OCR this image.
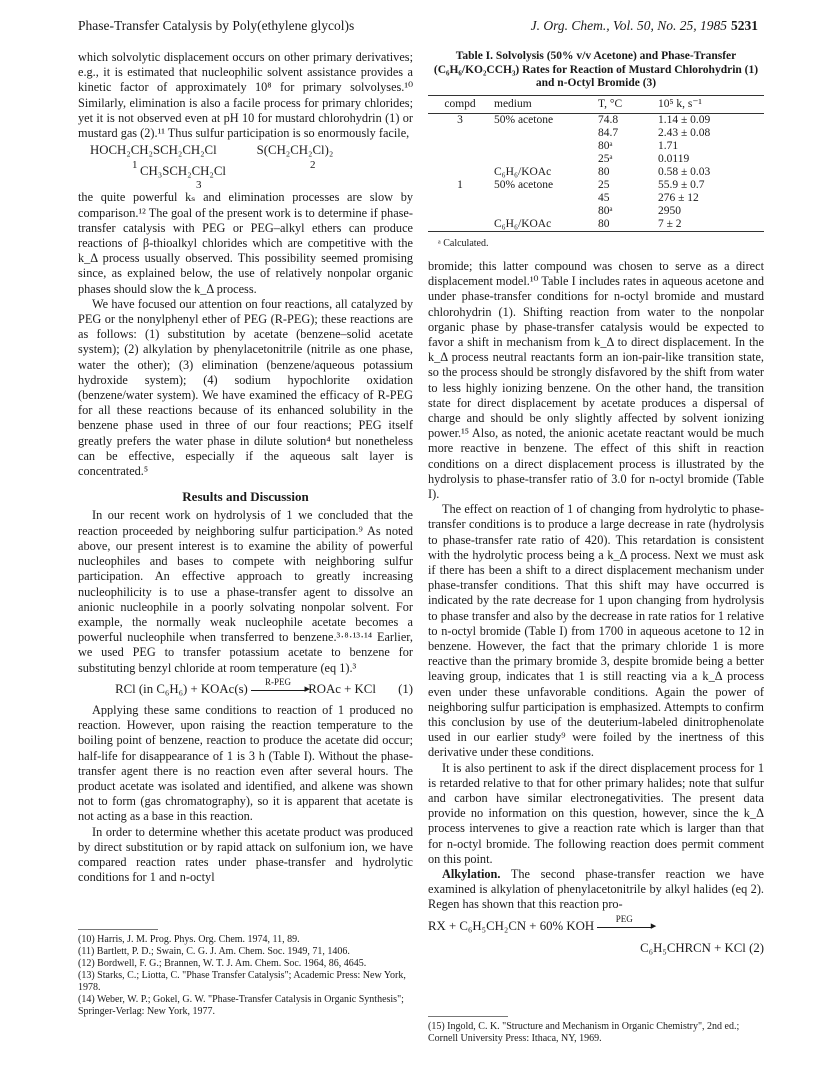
Phase-Transfer Catalysis by Poly(ethylene glycol)s	J. Org. Chem., Vol. 50, No. 25, 1985 5231

which solvolytic displacement occurs on other primary derivatives; e.g., it is estimated that nucleophilic solvent assistance provides a kinetic factor of approximately 10⁸ for primary solvolyses.¹⁰ Similarly, elimination is also a facile process for primary chlorides; yet it is not observed even at pH 10 for mustard chlorohydrin (1) or mustard gas (2).¹¹ Thus sulfur participation is so enormously facile,

HOCH₂CH₂SCH₂CH₂Cl	S(CH₂CH₂Cl)₂
1	2
CH₃SCH₂CH₂Cl
3

the quite powerful kₛ and elimination processes are slow by comparison.¹² The goal of the present work is to determine if phase-transfer catalysis with PEG or PEG–alkyl ethers can produce reactions of β-thioalkyl chlorides which are competitive with the k_Δ process usually observed. This possibility seemed promising since, as explained below, the use of relatively nonpolar organic phases should slow the k_Δ process.

We have focused our attention on four reactions, all catalyzed by PEG or the nonylphenyl ether of PEG (R-PEG); these reactions are as follows: (1) substitution by acetate (benzene–solid acetate system); (2) alkylation by phenylacetonitrile (nitrile as one phase, water the other); (3) elimination (benzene/aqueous potassium hydroxide system); (4) sodium hypochlorite oxidation (benzene/water system). We have examined the efficacy of R-PEG for all these reactions because of its enhanced solubility in the benzene phase used in three of our four reactions; PEG itself greatly prefers the water phase in dilute solution⁴ but nonetheless can be effective, especially if the aqueous salt layer is concentrated.⁵

Results and Discussion

In our recent work on hydrolysis of 1 we concluded that the reaction proceeded by neighboring sulfur participation.⁹ As noted above, our present interest is to examine the ability of powerful nucleophiles and bases to compete with neighboring sulfur participation. An effective approach to greatly increasing nucleophilicity is to use a phase-transfer agent to dissolve an anionic nucleophile in a poorly solvating nonpolar solvent. For example, the normally weak nucleophile acetate becomes a powerful nucleophile when transferred to benzene.³·⁸·¹³·¹⁴ Earlier, we used PEG to transfer potassium acetate to benzene for substituting benzyl chloride at room temperature (eq 1).³

RCl (in C₆H₆) + KOAc(s)	R-PEG ▸	ROAc + KCl (1)

Applying these same conditions to reaction of 1 produced no reaction. However, upon raising the reaction temperature to the boiling point of benzene, reaction to produce the acetate did occur; half-life for disappearance of 1 is 3 h (Table I). Without the phase-transfer agent there is no reaction even after several hours. The product acetate was isolated and identified, and alkene was shown not to form (gas chromatography), so it is apparent that acetate is not acting as a base in this reaction.

In order to determine whether this acetate product was produced by direct substitution or by rapid attack on sulfonium ion, we have compared reaction rates under phase-transfer and hydrolytic conditions for 1 and n-octyl

(10) Harris, J. M. Prog. Phys. Org. Chem. 1974, 11, 89.
(11) Bartlett, P. D.; Swain, C. G. J. Am. Chem. Soc. 1949, 71, 1406.
(12) Bordwell, F. G.; Brannen, W. T. J. Am. Chem. Soc. 1964, 86, 4645.
(13) Starks, C.; Liotta, C. "Phase Transfer Catalysis"; Academic Press: New York, 1978.
(14) Weber, W. P.; Gokel, G. W. "Phase-Transfer Catalysis in Organic Synthesis"; Springer-Verlag: New York, 1977.
Table I. Solvolysis (50% v/v Acetone) and Phase-Transfer (C₆H₆/KO₂CCH₃) Rates for Reaction of Mustard Chlorohydrin (1) and n-Octyl Bromide (3)
compd	medium	T, °C	10⁵ k, s⁻¹
3	50% acetone	74.8	1.14 ± 0.09
		84.7	2.43 ± 0.08
		80ᵃ	1.71
		25ᵃ	0.0119
	C₆H₆/KOAc	80	0.58 ± 0.03
1	50% acetone	25	55.9 ± 0.7
		45	276 ± 12
		80ᵃ	2950
	C₆H₆/KOAc	80	7 ± 2
ᵃ Calculated.

bromide; this latter compound was chosen to serve as a direct displacement model.¹⁰ Table I includes rates in aqueous acetone and under phase-transfer conditions for n-octyl bromide and mustard chlorohydrin (1). Shifting reaction from water to the nonpolar organic phase by phase-transfer catalysis would be expected to favor a shift in mechanism from k_Δ to direct displacement. In the k_Δ process neutral reactants form an ion-pair-like transition state, so the process should be strongly disfavored by the shift from water to less highly ionizing benzene. On the other hand, the transition state for direct displacement by acetate produces a dispersal of charge and should be only slightly affected by solvent ionizing power.¹⁵ Also, as noted, the anionic acetate reactant would be much more reactive in benzene. The effect of this shift in reaction conditions on a direct displacement process is illustrated by the hydrolysis to phase-transfer ratio of 3.0 for n-octyl bromide (Table I).

The effect on reaction of 1 of changing from hydrolytic to phase-transfer conditions is to produce a large decrease in rate (hydrolysis to phase-transfer rate ratio of 420). This retardation is consistent with the hydrolytic process being a k_Δ process. Next we must ask if there has been a shift to a direct displacement mechanism under phase-transfer conditions. That this shift may have occurred is indicated by the rate decrease for 1 upon changing from hydrolysis to phase transfer and also by the decrease in rate ratios for 1 relative to n-octyl bromide (Table I) from 1700 in aqueous acetone to 12 in benzene. However, the fact that the primary chloride 1 is more reactive than the primary bromide 3, despite bromide being a better leaving group, indicates that 1 is still reacting via a k_Δ process even under these unfavorable conditions. Again the power of neighboring sulfur participation is emphasized. Attempts to confirm this conclusion by use of the deuterium-labeled dinitrophenolate used in our earlier study⁹ were foiled by the inertness of this derivative under these conditions.

It is also pertinent to ask if the direct displacement process for 1 is retarded relative to that for other primary halides; note that sulfur and carbon have similar electronegativities. The present data provide no information on this question, however, since the k_Δ process intervenes to give a reaction rate which is larger than that for n-octyl bromide. The following reaction does permit comment on this point.

Alkylation. The second phase-transfer reaction we have examined is alkylation of phenylacetonitrile by alkyl halides (eq 2). Regen has shown that this reaction pro-

RX + C₆H₅CH₂CN + 60% KOH	PEG
▸
C₆H₅CHRCN + KCl (2)
(15) Ingold, C. K. "Structure and Mechanism in Organic Chemistry", 2nd ed.; Cornell University Press: Ithaca, NY, 1969.
